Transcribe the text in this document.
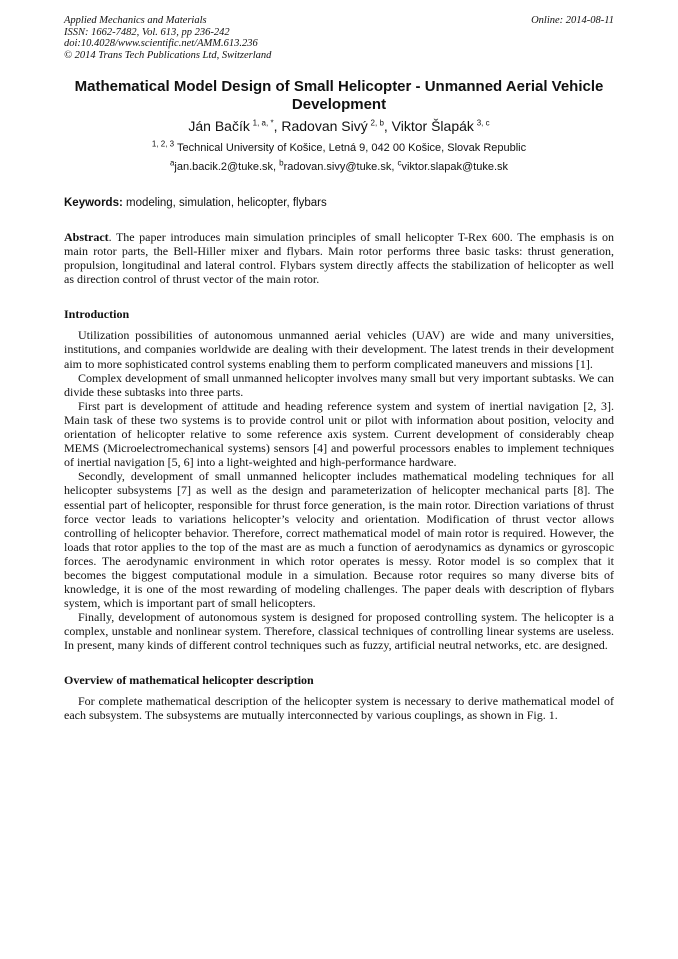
Applied Mechanics and Materials
ISSN: 1662-7482, Vol. 613, pp 236-242
doi:10.4028/www.scientific.net/AMM.613.236
© 2014 Trans Tech Publications Ltd, Switzerland
Online: 2014-08-11
Mathematical Model Design of Small Helicopter - Unmanned Aerial Vehicle Development
Ján Bačík  $^{1, a, *}$, Radovan Sivý  $^{2, b}$, Viktor Šlapák  $^{3, c}$
$^{1, 2, 3}$ Technical University of Košice, Letná 9, 042 00 Košice, Slovak Republic
$^a$jan.bacik.2@tuke.sk, $^b$radovan.sivy@tuke.sk, $^c$viktor.slapak@tuke.sk
Keywords: modeling, simulation, helicopter, flybars

Abstract. The paper introduces main simulation principles of small helicopter T-Rex 600. The emphasis is on main rotor parts, the Bell-Hiller mixer and flybars. Main rotor performs three basic tasks: thrust generation, propulsion, longitudinal and lateral control. Flybars system directly affects the stabilization of helicopter as well as direction control of thrust vector of the main rotor.

Introduction

Utilization possibilities of autonomous unmanned aerial vehicles (UAV) are wide and many universities, institutions, and companies worldwide are dealing with their development. The latest trends in their development aim to more sophisticated control systems enabling them to perform complicated maneuvers and missions [1].

Complex development of small unmanned helicopter involves many small but very important subtasks. We can divide these subtasks into three parts.

First part is development of attitude and heading reference system and system of inertial navigation [2, 3]. Main task of these two systems is to provide control unit or pilot with information about position, velocity and orientation of helicopter relative to some reference axis system. Current development of considerably cheap MEMS (Microelectromechanical systems) sensors [4] and powerful processors enables to implement techniques of inertial navigation [5, 6] into a light-weighted and high-performance hardware.

Secondly, development of small unmanned helicopter includes mathematical modeling techniques for all helicopter subsystems [7] as well as the design and parameterization of helicopter mechanical parts [8]. The essential part of helicopter, responsible for thrust force generation, is the main rotor. Direction variations of thrust force vector leads to variations helicopter’s velocity and orientation. Modification of thrust vector allows controlling of helicopter behavior. Therefore, correct mathematical model of main rotor is required. However, the loads that rotor applies to the top of the mast are as much a function of aerodynamics as dynamics or gyroscopic forces. The aerodynamic environment in which rotor operates is messy. Rotor model is so complex that it becomes the biggest computational module in a simulation. Because rotor requires so many diverse bits of knowledge, it is one of the most rewarding of modeling challenges. The paper deals with description of flybars system, which is important part of small helicopters.

Finally, development of autonomous system is designed for proposed controlling system. The helicopter is a complex, unstable and nonlinear system. Therefore, classical techniques of controlling linear systems are useless. In present, many kinds of different control techniques such as fuzzy, artificial neutral networks, etc. are designed.

Overview of mathematical helicopter description

For complete mathematical description of the helicopter system is necessary to derive mathematical model of each subsystem. The subsystems are mutually interconnected by various couplings, as shown in Fig. 1.
